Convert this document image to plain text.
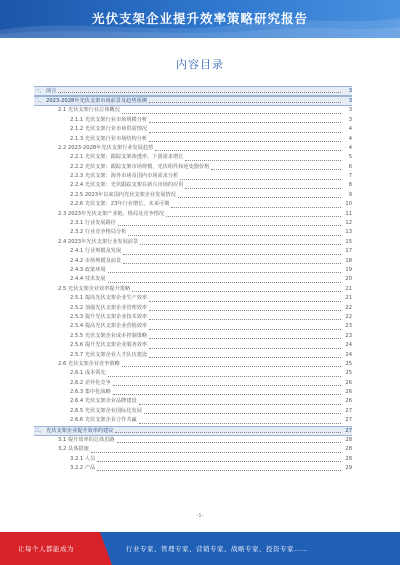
光伏支架企业提升效率策略研究报告
内容目录
一、 前言	3
二、 2023-2028年光伏支架市场前景及趋势预测	3
2.1 光伏支架行业总体概况	3
2.1.1 光伏支架行业市场规模分析	3
2.1.2 光伏支架行业市场供需情况	4
2.1.3 光伏支架行业市场结构分析	4
2.2 2023-2028年光伏支架行业发展趋势	4
2.2.1 光伏支架：跟踪支架渗透率，下游需求增长	5
2.2.2 光伏支架：跟踪支架市场规模，光伏组件和逆变器价格	6
2.2.3 光伏支架：海外市场及国内市场需求分析	7
2.2.4 光伏支架：光伏跟踪支架在新兴市场的应用	8
2.2.5 2023年以来国内光伏支架企业发展情况	9
2.2.6 光伏支架：23年行业增长，未来可期	10
2.3 2023年光伏支架产业链、格局及竞争情况	11
2.3.1 行业发展路径	12
2.3.2 行业竞争格局分析	13
2.4 2023年光伏支架行业发展前景	15
2.4.1 行业规模及发展	17
2.4.2 市场规模及前景	18
2.4.3 政策环境	19
2.4.4 技术发展	20
2.5 光伏支架企业效率提升策略	21
2.5.1 提高光伏支架企业生产效率	21
2.5.2 加强光伏支架企业管理效率	22
2.5.3 提升光伏支架企业技术效率	22
2.5.4 提高光伏支架企业营销效率	23
2.5.5 光伏支架企业成本控制策略	23
2.5.6 提升光伏支架企业服务效率	24
2.5.7 光伏支架企业人才队伍建设	24
2.6 光伏支架企业竞争策略	25
2.6.1 成本领先	25
2.6.2 差异化竞争	26
2.6.3 集中化战略	26
2.6.4 光伏支架企业品牌建设	26
2.6.5 光伏支架企业国际化发展	27
2.6.6 光伏支架企业合作共赢	27
三、 光伏支架企业提升效率的建议	27
3.1 提升效率的总体思路	28
3.2 具体措施	28
3.2.1 人员	28
3.2.2 产品	29
-1-
让每个人都能成为	行业专家、管理专家、营销专家、战略专家、投资专家……
